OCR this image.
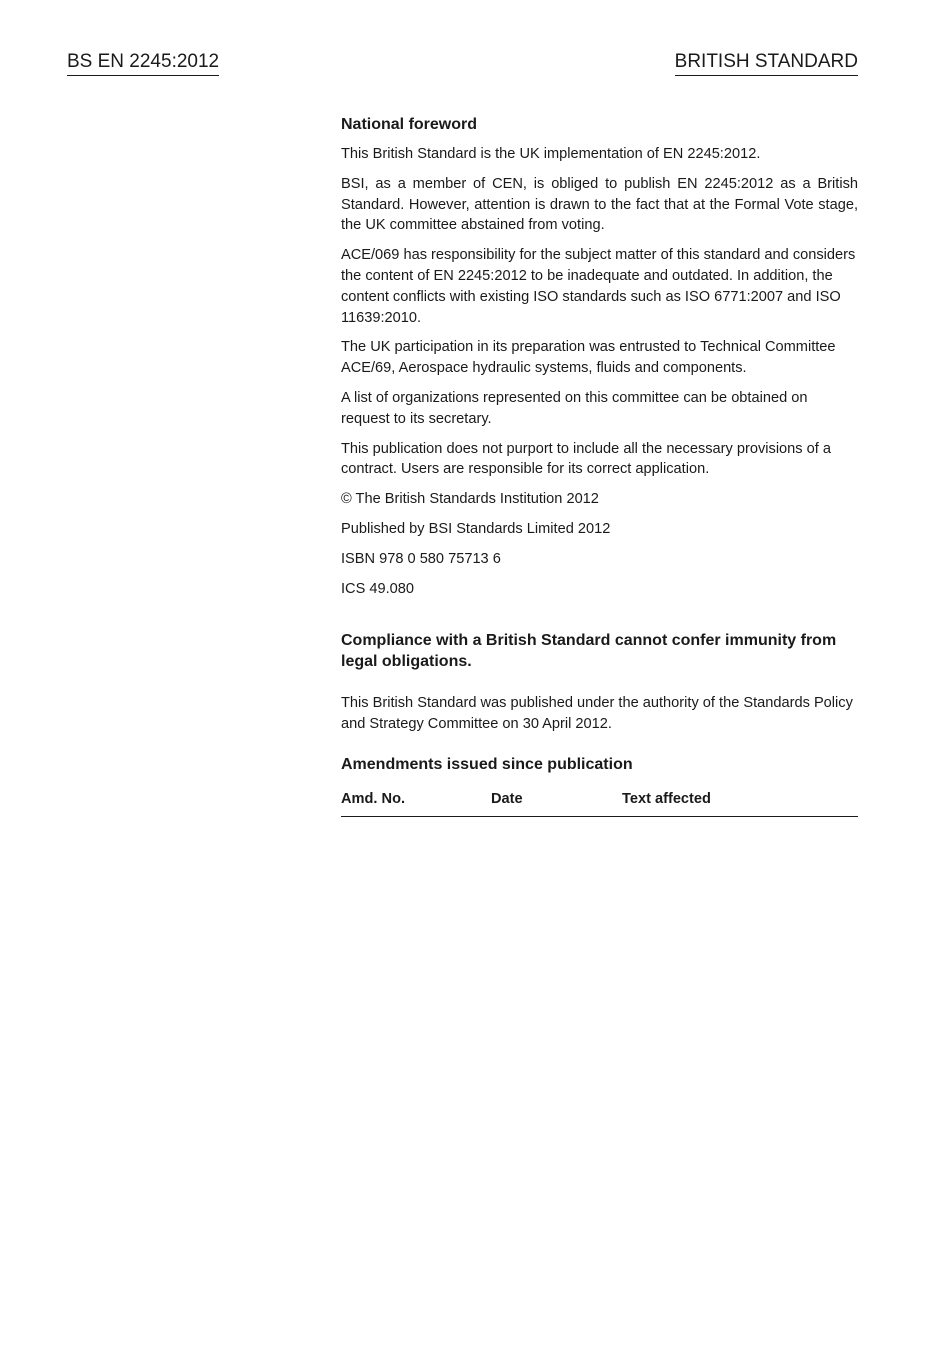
BS EN 2245:2012	BRITISH STANDARD
National foreword

This British Standard is the UK implementation of EN 2245:2012.

BSI, as a member of CEN, is obliged to publish EN 2245:2012 as a British Standard. However, attention is drawn to the fact that at the Formal Vote stage, the UK committee abstained from voting.

ACE/069 has responsibility for the subject matter of this standard and considers the content of EN 2245:2012 to be inadequate and outdated. In addition, the content conflicts with existing ISO standards such as ISO 6771:2007 and ISO 11639:2010.

The UK participation in its preparation was entrusted to Technical Committee ACE/69, Aerospace hydraulic systems, fluids and components.

A list of organizations represented on this committee can be obtained on request to its secretary.

This publication does not purport to include all the necessary provisions of a contract. Users are responsible for its correct application.

© The British Standards Institution 2012

Published by BSI Standards Limited 2012

ISBN 978 0 580 75713 6

ICS 49.080

Compliance with a British Standard cannot confer immunity from legal obligations.

This British Standard was published under the authority of the Standards Policy and Strategy Committee on 30 April 2012.

Amendments issued since publication
Amd. No.	Date	Text affected
